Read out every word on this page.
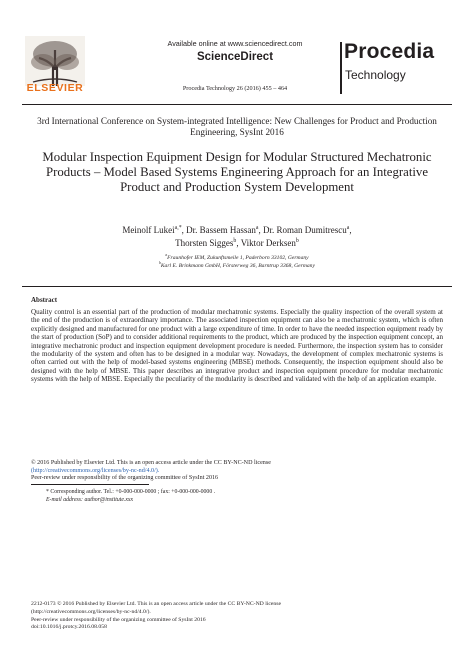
ELSEVIER
Available online at www.sciencedirect.com
ScienceDirect
Procedia Technology 26 (2016) 455 – 464
Procedia
Technology
3rd International Conference on System-integrated Intelligence: New Challenges for Product and Production Engineering, SysInt 2016
Modular Inspection Equipment Design for Modular Structured Mechatronic Products – Model Based Systems Engineering Approach for an Integrative Product and Production System Development
Meinolf Lukei$^{a,*}$, Dr. Bassem Hassan$^a$, Dr. Roman Dumitrescu$^a$,
Thorsten Sigges$^b$, Viktor Derksen$^b$
$^a$Fraunhofer IEM, Zukunftsmeile 1, Paderborn 33102, Germany
$^b$Karl E. Brinkmann GmbH, Försterweg 36, Barntrup 3368, Germany
Abstract
Quality control is an essential part of the production of modular mechatronic systems. Especially the quality inspection of the overall system at the end of the production is of extraordinary importance. The associated inspection equipment can also be a mechatronic system, which is often explicitly designed and manufactured for one product with a large expenditure of time. In order to have the needed inspection equipment ready by the start of production (SoP) and to consider additional requirements to the product, which are produced by the inspection equipment concept, an integrative mechatronic product and inspection equipment development procedure is needed. Furthermore, the inspection system has to consider the modularity of the system and often has to be designed in a modular way. Nowadays, the development of complex mechatronic systems is often carried out with the help of model-based systems engineering (MBSE) methods. Consequently, the inspection equipment should also be designed with the help of MBSE. This paper describes an integrative product and inspection equipment procedure for modular mechatronic systems with the help of MBSE. Especially the peculiarity of the modularity is described and validated with the help of an application example.
© 2016 Published by Elsevier Ltd. This is an open access article under the CC BY-NC-ND license
(http://creativecommons.org/licenses/by-nc-nd/4.0/).
Peer-review under responsibility of the organizing committee of SysInt 2016
* Corresponding author. Tel.: +0-000-000-0000 ; fax: +0-000-000-0000 .
E-mail address: author@institute.xxx
2212-0173 © 2016 Published by Elsevier Ltd. This is an open access article under the CC BY-NC-ND license
(http://creativecommons.org/licenses/by-nc-nd/4.0/).
Peer-review under responsibility of the organizing committee of SysInt 2016
doi:10.1016/j.protcy.2016.08.058
